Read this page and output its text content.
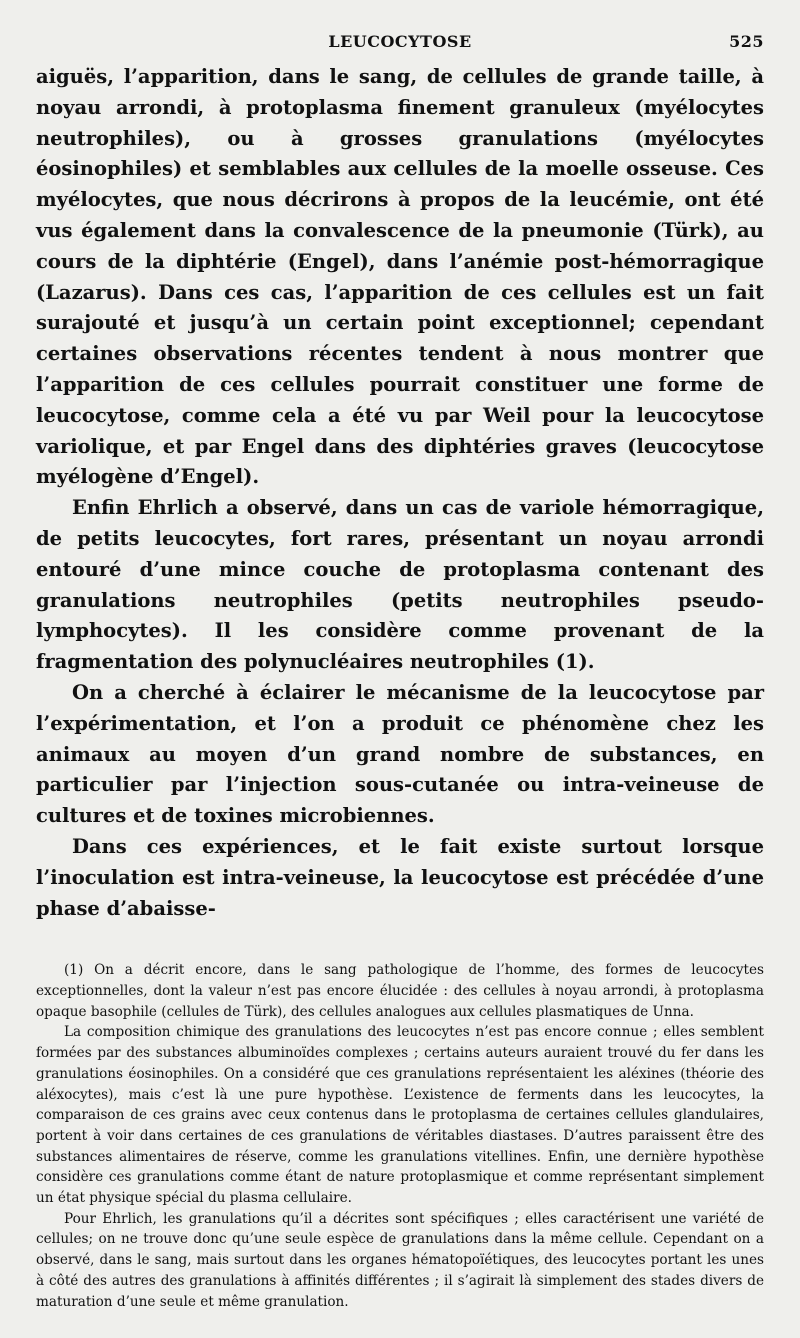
LEUCOCYTOSE	525

aiguës, l’apparition, dans le sang, de cellules de grande taille, à noyau arrondi, à protoplasma finement granuleux (myélocytes neutrophiles), ou à grosses granulations (myélocytes éosinophiles) et semblables aux cellules de la moelle osseuse. Ces myélocytes, que nous décrirons à propos de la leucémie, ont été vus également dans la convalescence de la pneumonie (Türk), au cours de la diphtérie (Engel), dans l’anémie post-hémorragique (Lazarus). Dans ces cas, l’apparition de ces cellules est un fait surajouté et jusqu’à un certain point exceptionnel; cependant certaines observations récentes tendent à nous montrer que l’apparition de ces cellules pourrait constituer une forme de leucocytose, comme cela a été vu par Weil pour la leucocytose variolique, et par Engel dans des diphtéries graves (leucocytose myélogène d’Engel).

Enfin Ehrlich a observé, dans un cas de variole hémorragique, de petits leucocytes, fort rares, présentant un noyau arrondi entouré d’une mince couche de protoplasma contenant des granulations neutrophiles (petits neutrophiles pseudo-lymphocytes). Il les considère comme provenant de la fragmentation des polynucléaires neutrophiles (1).

On a cherché à éclairer le mécanisme de la leucocytose par l’expérimentation, et l’on a produit ce phénomène chez les animaux au moyen d’un grand nombre de substances, en particulier par l’injection sous-cutanée ou intra-veineuse de cultures et de toxines microbiennes.

Dans ces expériences, et le fait existe surtout lorsque l’inoculation est intra-veineuse, la leucocytose est précédée d’une phase d’abaisse-

(1) On a décrit encore, dans le sang pathologique de l’homme, des formes de leucocytes exceptionnelles, dont la valeur n’est pas encore élucidée : des cellules à noyau arrondi, à protoplasma opaque basophile (cellules de Türk), des cellules analogues aux cellules plasmatiques de Unna.

La composition chimique des granulations des leucocytes n’est pas encore connue ; elles semblent formées par des substances albuminoïdes complexes ; certains auteurs auraient trouvé du fer dans les granulations éosinophiles. On a considéré que ces granulations représentaient les aléxines (théorie des aléxocytes), mais c’est là une pure hypothèse. L’existence de ferments dans les leucocytes, la comparaison de ces grains avec ceux contenus dans le protoplasma de certaines cellules glandulaires, portent à voir dans certaines de ces granulations de véritables diastases. D’autres paraissent être des substances alimentaires de réserve, comme les granulations vitellines. Enfin, une dernière hypothèse considère ces granulations comme étant de nature protoplasmique et comme représentant simplement un état physique spécial du plasma cellulaire.

Pour Ehrlich, les granulations qu’il a décrites sont spécifiques ; elles caractérisent une variété de cellules; on ne trouve donc qu’une seule espèce de granulations dans la même cellule. Cependant on a observé, dans le sang, mais surtout dans les organes hématopoïétiques, des leucocytes portant les unes à côté des autres des granulations à affinités différentes ; il s’agirait là simplement des stades divers de maturation d’une seule et même granulation.
